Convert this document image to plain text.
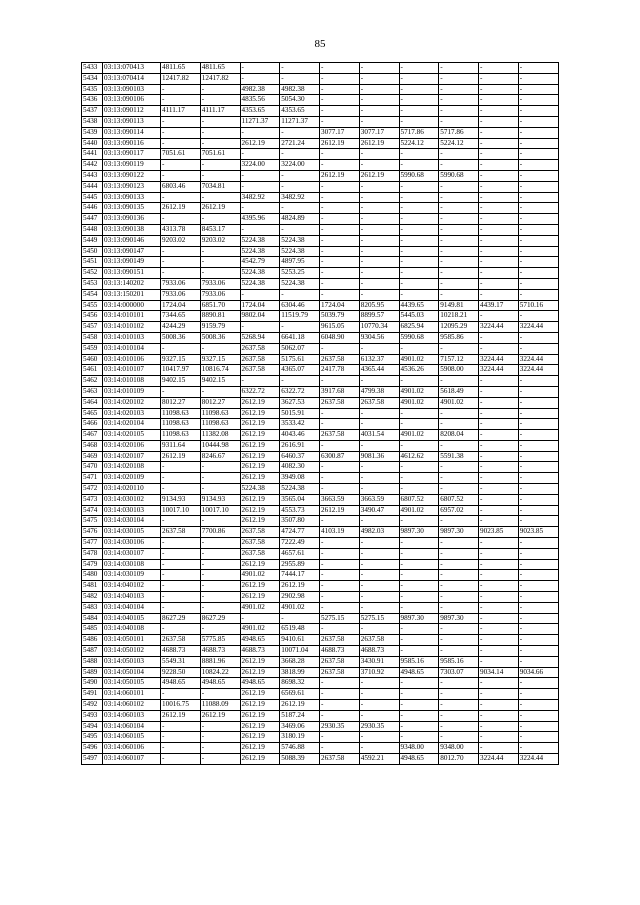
85
5433	03:13:070413	4811.65	4811.65	-	-	-	-	-	-	-	-
5434	03:13:070414	12417.82	12417.82	-	-	-	-	-	-	-	-
5435	03:13:090103	-	-	4982.38	4982.38	-	-	-	-	-	-
5436	03:13:090106	-	-	4835.56	5054.30	-	-	-	-	-	-
5437	03:13:090112	4111.17	4111.17	4353.65	4353.65	-	-	-	-	-	-
5438	03:13:090113	-	-	11271.37	11271.37	-	-	-	-	-	-
5439	03:13:090114	-	-	-	-	3077.17	3077.17	5717.86	5717.86	-	-
5440	03:13:090116	-	-	2612.19	2721.24	2612.19	2612.19	5224.12	5224.12	-	-
5441	03:13:090117	7051.61	7051.61	-	-	-	-	-	-	-	-
5442	03:13:090119	-	-	3224.00	3224.00	-	-	-	-	-	-
5443	03:13:090122	-	-	-	-	2612.19	2612.19	5990.68	5990.68	-	-
5444	03:13:090123	6803.46	7034.81	-	-	-	-	-	-	-	-
5445	03:13:090133	-	-	3482.92	3482.92	-	-	-	-	-	-
5446	03:13:090135	2612.19	2612.19	-	-	-	-	-	-	-	-
5447	03:13:090136	-	-	4395.96	4824.89	-	-	-	-	-	-
5448	03:13:090138	4313.78	8453.17	-	-	-	-	-	-	-	-
5449	03:13:090146	9203.02	9203.02	5224.38	5224.38	-	-	-	-	-	-
5450	03:13:090147	-	-	5224.38	5224.38	-	-	-	-	-	-
5451	03:13:090149	-	-	4542.79	4897.95	-	-	-	-	-	-
5452	03:13:090151	-	-	5224.38	5253.25	-	-	-	-	-	-
5453	03:13:140202	7933.06	7933.06	5224.38	5224.38	-	-	-	-	-	-
5454	03:13:150201	7933.06	7933.06	-	-	-	-	-	-	-	-
5455	03:14:000000	1724.04	6851.70	1724.04	6304.46	1724.04	8205.95	4439.65	9149.81	4439.17	5710.16
5456	03:14:010101	7344.65	8890.81	9802.04	11519.79	5039.79	8899.57	5445.03	10218.21	-	-
5457	03:14:010102	4244.29	9159.79	-	-	9615.05	10770.34	6825.94	12095.29	3224.44	3224.44
5458	03:14:010103	5008.36	5008.36	5268.94	6641.18	6048.90	9304.56	5990.68	9585.86	-	-
5459	03:14:010104	-	-	2637.58	5062.07	-	-	-	-	-	-
5460	03:14:010106	9327.15	9327.15	2637.58	5175.61	2637.58	6132.37	4901.02	7157.12	3224.44	3224.44
5461	03:14:010107	10417.97	10816.74	2637.58	4365.07	2417.78	4365.44	4536.26	5908.00	3224.44	3224.44
5462	03:14:010108	9402.15	9402.15	-	-	-	-	-	-	-	-
5463	03:14:010109	-	-	6322.72	6322.72	3917.68	4799.38	4901.02	5618.49	-	-
5464	03:14:020102	8012.27	8012.27	2612.19	3627.53	2637.58	2637.58	4901.02	4901.02	-	-
5465	03:14:020103	11098.63	11098.63	2612.19	5015.91	-	-	-	-	-	-
5466	03:14:020104	11098.63	11098.63	2612.19	3533.42	-	-	-	-	-	-
5467	03:14:020105	11098.63	11382.08	2612.19	4043.46	2637.58	4031.54	4901.02	8208.04	-	-
5468	03:14:020106	9311.64	10444.98	2612.19	2616.91	-	-	-	-	-	-
5469	03:14:020107	2612.19	8246.67	2612.19	6460.37	6300.87	9081.36	4612.62	5591.38	-	-
5470	03:14:020108	-	-	2612.19	4082.30	-	-	-	-	-	-
5471	03:14:020109	-	-	2612.19	3949.08	-	-	-	-	-	-
5472	03:14:020110	-	-	5224.38	5224.38	-	-	-	-	-	-
5473	03:14:030102	9134.93	9134.93	2612.19	3565.04	3663.59	3663.59	6807.52	6807.52	-	-
5474	03:14:030103	10017.10	10017.10	2612.19	4553.73	2612.19	3490.47	4901.02	6957.02	-	-
5475	03:14:030104	-	-	2612.19	3507.80	-	-	-	-	-	-
5476	03:14:030105	2637.58	7700.86	2637.58	4724.77	4103.19	4982.03	9897.30	9897.30	9023.85	9023.85
5477	03:14:030106	-	-	2637.58	7222.49	-	-	-	-	-	-
5478	03:14:030107	-	-	2637.58	4657.61	-	-	-	-	-	-
5479	03:14:030108	-	-	2612.19	2955.89	-	-	-	-	-	-
5480	03:14:030109	-	-	4901.02	7444.17	-	-	-	-	-	-
5481	03:14:040102	-	-	2612.19	2612.19	-	-	-	-	-	-
5482	03:14:040103	-	-	2612.19	2902.98	-	-	-	-	-	-
5483	03:14:040104	-	-	4901.02	4901.02	-	-	-	-	-	-
5484	03:14:040105	8627.29	8627.29	-	-	5275.15	5275.15	9897.30	9897.30	-	-
5485	03:14:040108	-	-	4901.02	6519.48	-	-	-	-	-	-
5486	03:14:050101	2637.58	5775.85	4948.65	9410.61	2637.58	2637.58	-	-	-	-
5487	03:14:050102	4688.73	4688.73	4688.73	10071.04	4688.73	4688.73	-	-	-	-
5488	03:14:050103	5549.31	8881.96	2612.19	3668.28	2637.58	3430.91	9585.16	9585.16	-	-
5489	03:14:050104	9228.50	10824.22	2612.19	3818.99	2637.58	3710.92	4948.65	7303.07	9034.14	9034.66
5490	03:14:050105	4948.65	4948.65	4948.65	8698.32	-	-	-	-	-	-
5491	03:14:060101	-	-	2612.19	6569.61	-	-	-	-	-	-
5492	03:14:060102	10016.75	11088.09	2612.19	2612.19	-	-	-	-	-	-
5493	03:14:060103	2612.19	2612.19	2612.19	5187.24	-	-	-	-	-	-
5494	03:14:060104	-	-	2612.19	3469.06	2930.35	2930.35	-	-	-	-
5495	03:14:060105	-	-	2612.19	3180.19	-	-	-	-	-	-
5496	03:14:060106	-	-	2612.19	5746.88	-	-	9348.00	9348.00	-	-
5497	03:14:060107	-	-	2612.19	5088.39	2637.58	4592.21	4948.65	8012.70	3224.44	3224.44
